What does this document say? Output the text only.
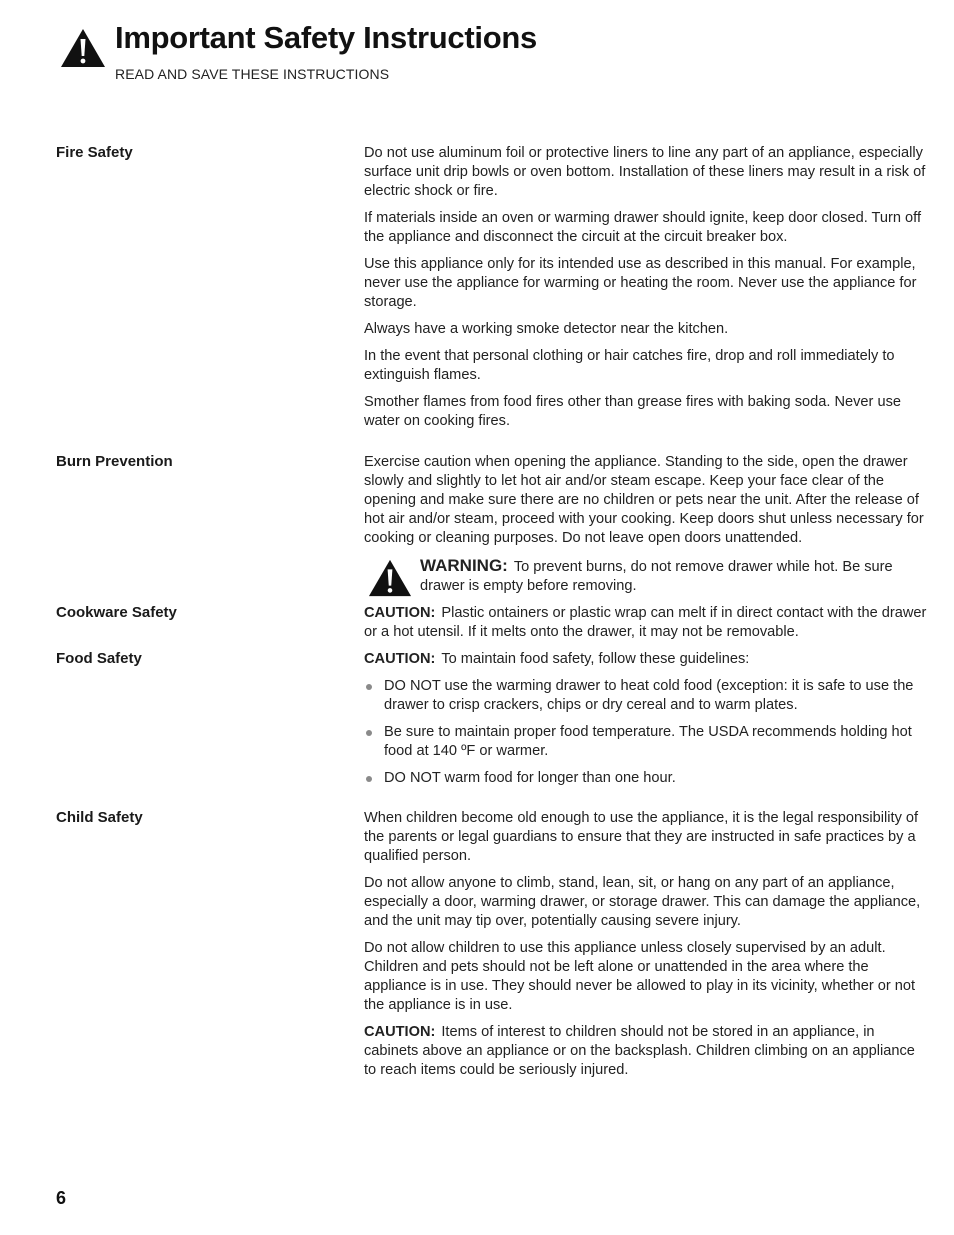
Important Safety Instructions
READ AND SAVE THESE INSTRUCTIONS
Fire Safety	Do not use aluminum foil or protective liners to line any part of an appliance, especially surface unit drip bowls or oven bottom. Installation of these liners may result in a risk of electric shock or fire.

If materials inside an oven or warming drawer should ignite, keep door closed. Turn off the appliance and disconnect the circuit at the circuit breaker box.

Use this appliance only for its intended use as described in this manual. For example, never use the appliance for warming or heating the room. Never use the appliance for storage.

Always have a working smoke detector near the kitchen.

In the event that personal clothing or hair catches fire, drop and roll immediately to extinguish flames.

Smother flames from food fires other than grease fires with baking soda. Never use water on cooking fires.

Burn Prevention	Exercise caution when opening the appliance. Standing to the side, open the drawer slowly and slightly to let hot air and/or steam escape. Keep your face clear of the opening and make sure there are no children or pets near the unit. After the release of hot air and/or steam, proceed with your cooking. Keep doors shut unless necessary for cooking or cleaning purposes. Do not leave open doors unattended.

WARNING: To prevent burns, do not remove drawer while hot. Be sure drawer is empty before removing.
Cookware Safety	CAUTION: Plastic ontainers or plastic wrap can melt if in direct contact with the drawer or a hot utensil. If it melts onto the drawer, it may not be removable.

Food Safety	CAUTION: To maintain food safety, follow these guidelines:

DO NOT use the warming drawer to heat cold food (exception: it is safe to use the drawer to crisp crackers, chips or dry cereal and to warm plates.
Be sure to maintain proper food temperature. The USDA recommends holding hot food at 140 ºF or warmer.
DO NOT warm food for longer than one hour.
Child Safety	When children become old enough to use the appliance, it is the legal responsibility of the parents or legal guardians to ensure that they are instructed in safe practices by a qualified person.

Do not allow anyone to climb, stand, lean, sit, or hang on any part of an appliance, especially a door, warming drawer, or storage drawer. This can damage the appliance, and the unit may tip over, potentially causing severe injury.

Do not allow children to use this appliance unless closely supervised by an adult. Children and pets should not be left alone or unattended in the area where the appliance is in use. They should never be allowed to play in its vicinity, whether or not the appliance is in use.

CAUTION: Items of interest to children should not be stored in an appliance, in cabinets above an appliance or on the backsplash. Children climbing on an appliance to reach items could be seriously injured.

6
